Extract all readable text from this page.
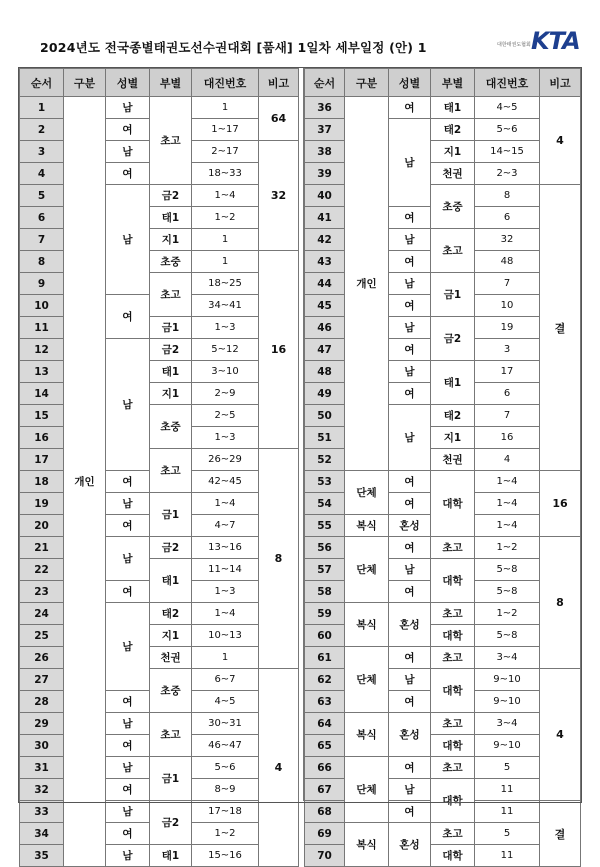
2024년도 전국종별태권도선수권대회 [품새] 1일차 세부일정 (안) 1	대한태권도협회 KTA
순서	구분	성별	부별	대진번호	비고
1	개인	남	초고	1	64
2		여		1~17	
3		남		2~17	32
4		여		18~33	
5		남	금2	1~4	
6			태1	1~2	
7			지1	1	
8			초중	1	16
9			초고	18~25	
10		여		34~41	
11			금1	1~3	
12		남	금2	5~12	
13			태1	3~10	
14			지1	2~9	
15			초중	2~5	
16				1~3	
17			초고	26~29	8
18		여		42~45	
19		남	금1	1~4	
20		여		4~7	
21		남	금2	13~16	
22			태1	11~14	
23		여		1~3	
24		남	태2	1~4	
25			지1	10~13	
26			천권	1	
27			초중	6~7	4
28		여		4~5	
29		남	초고	30~31	
30		여		46~47	
31		남	금1	5~6	
32		여		8~9	
33		남	금2	17~18	
34		여		1~2	
35		남	태1	15~16	
순서	구분	성별	부별	대진번호	비고
36	개인	여	태1	4~5	4
37		남	태2	5~6	
38			지1	14~15	
39			천권	2~3	
40			초중	8	결
41		여		6	
42		남	초고	32	
43		여		48	
44		남	금1	7	
45		여		10	
46		남	금2	19	
47		여		3	
48		남	태1	17	
49		여		6	
50		남	태2	7	
51			지1	16	
52			천권	4	
53	단체	여	대학	1~4	16
54		여		1~4	
55	복식	혼성		1~4	
56	단체	여	초고	1~2	8
57		남	대학	5~8	
58		여		5~8	
59	복식	혼성	초고	1~2	
60			대학	5~8	
61	단체	여	초고	3~4	
62		남	대학	9~10	4
63		여		9~10	
64	복식	혼성	초고	3~4	
65			대학	9~10	
66	단체	여	초고	5	
67		남	대학	11	
68		여		11	결
69	복식	혼성	초고	5	
70			대학	11	
